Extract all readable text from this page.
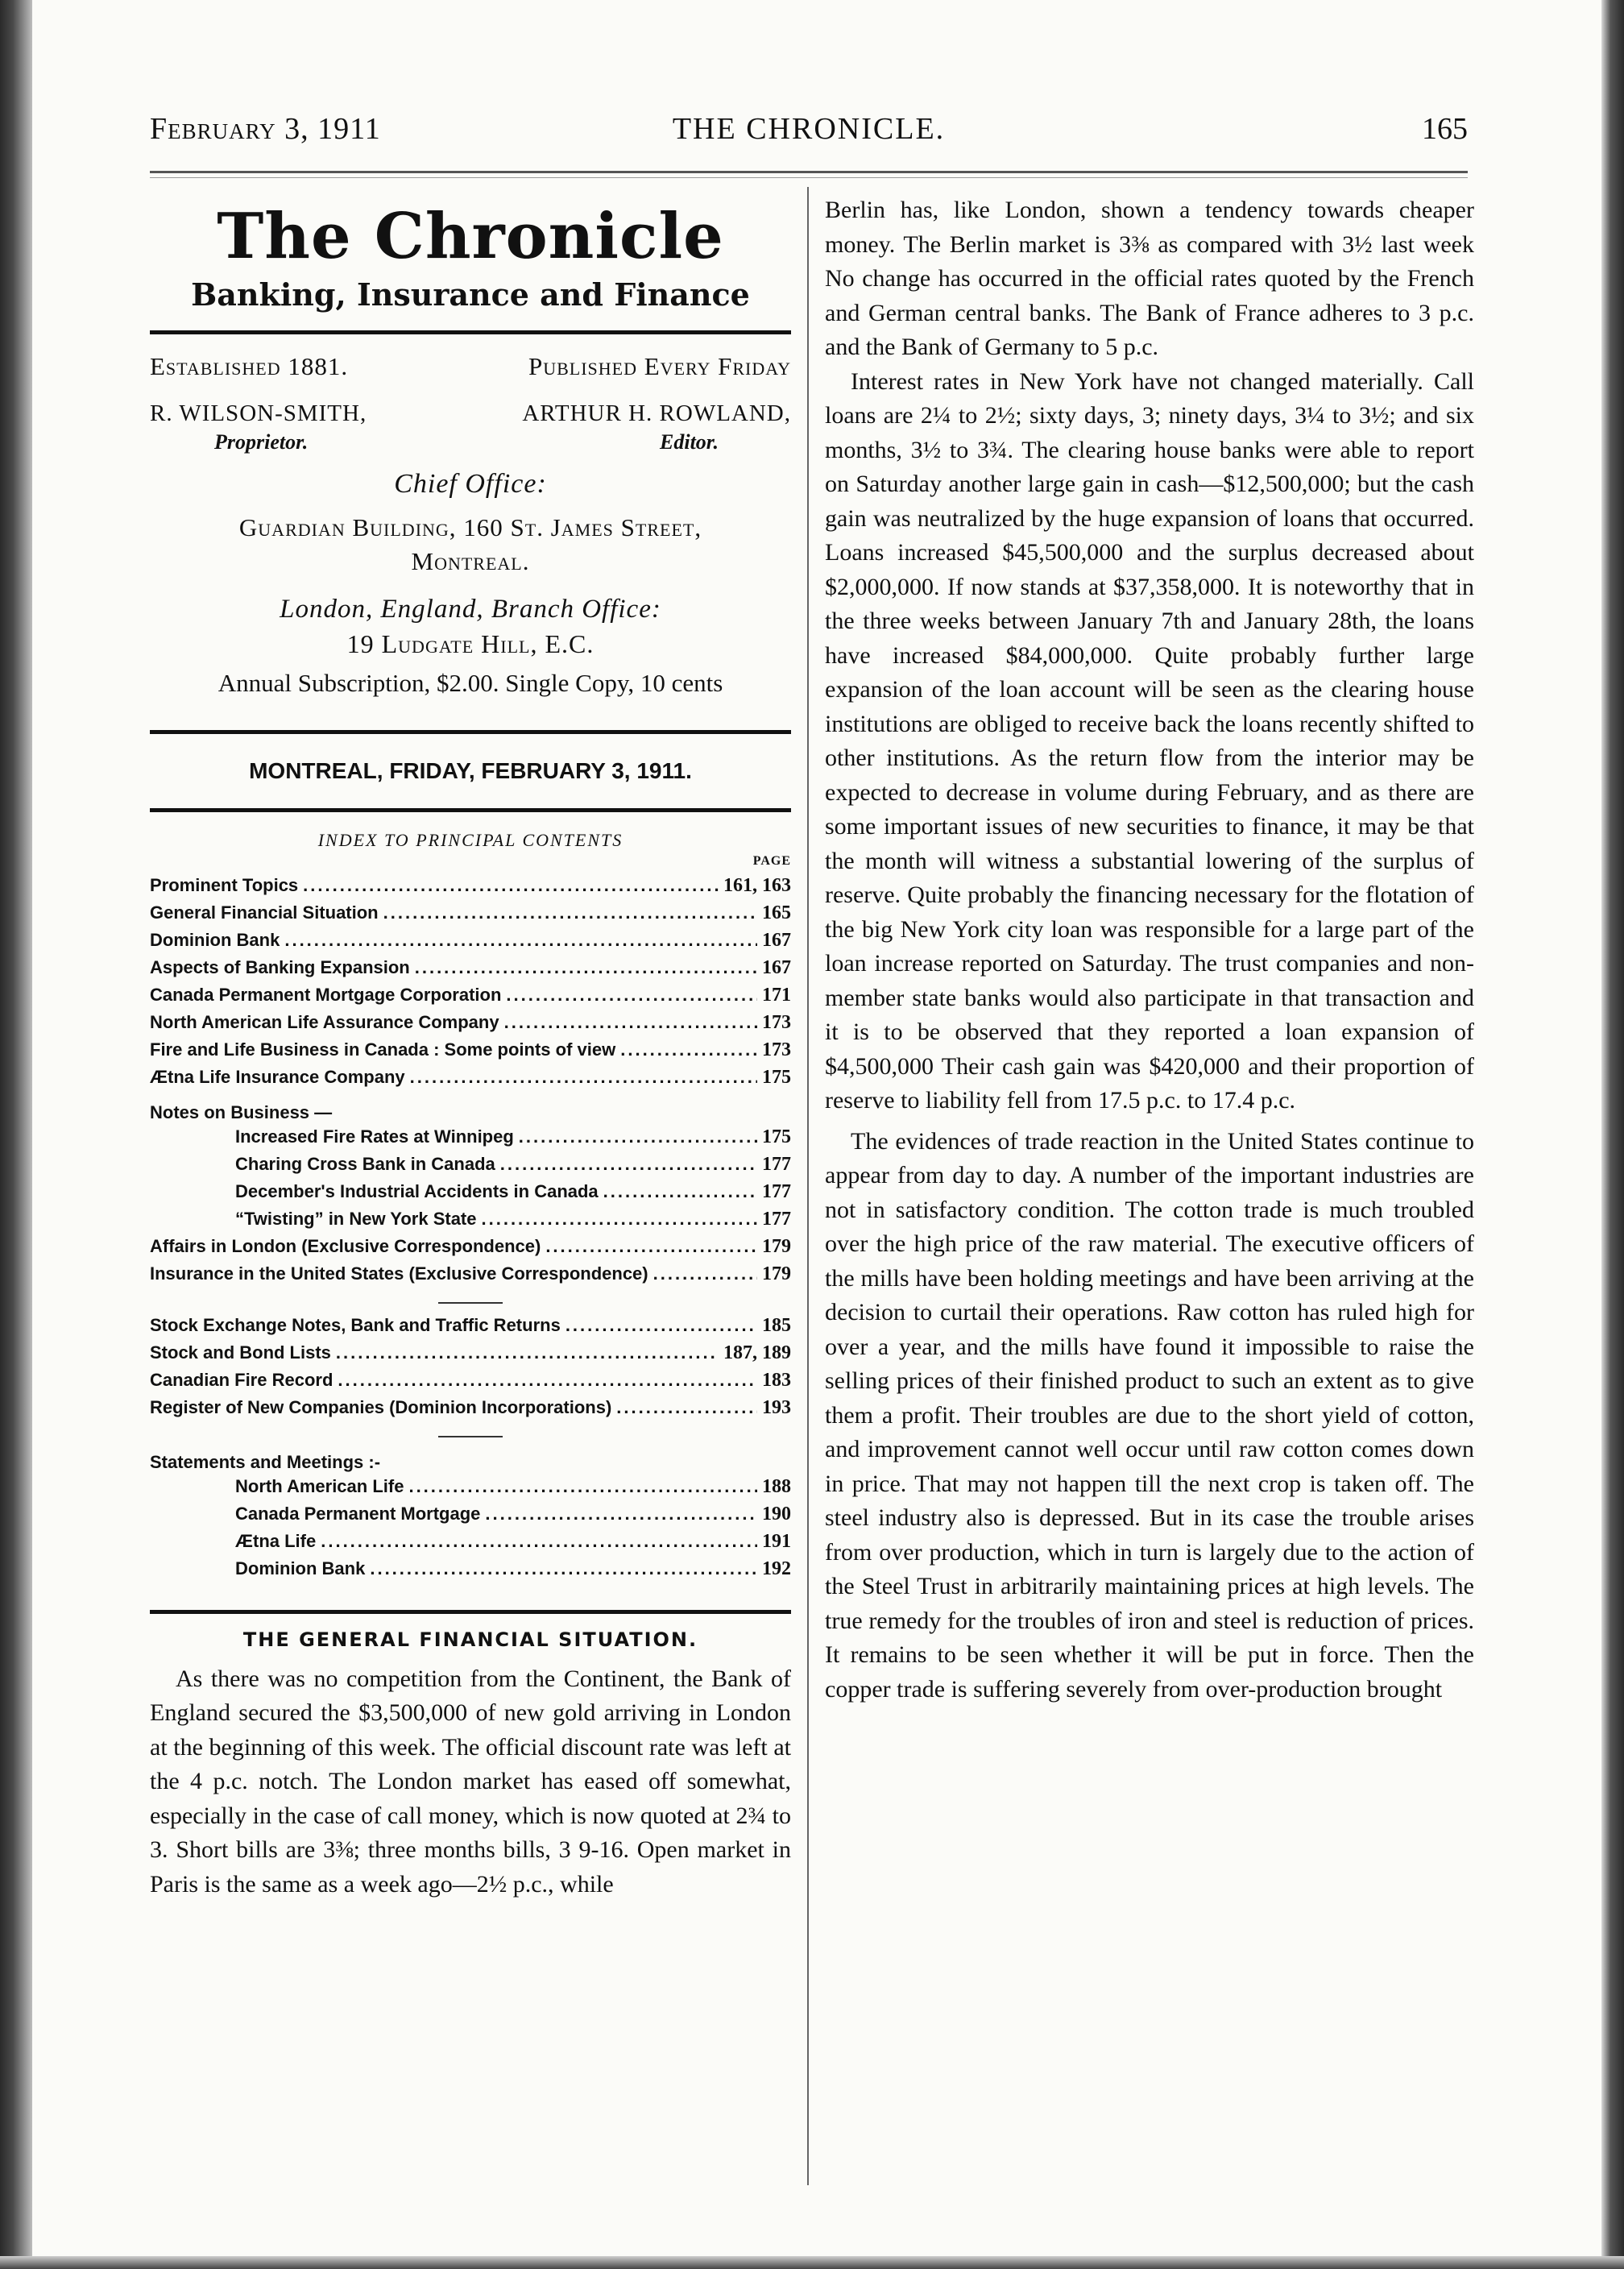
THE CHRONICLE.
February 3, 1911	165
The Chronicle
Banking, Insurance and Finance
Established 1881.	Published Every Friday
R. WILSON-SMITH,	ARTHUR H. ROWLAND,
Proprietor.	Editor.
Chief Office:
Guardian Building, 160 St. James Street,
Montreal.
London, England, Branch Office:
19 Ludgate Hill, E.C.
Annual Subscription, $2.00. Single Copy, 10 cents
MONTREAL, FRIDAY, FEBRUARY 3, 1911.
INDEX TO PRINCIPAL CONTENTS
PAGE
Prominent Topics .....	161, 163
General Financial Situation .....	165
Dominion Bank .....	167
Aspects of Banking Expansion .....	167
Canada Permanent Mortgage Corporation .....	171
North American Life Assurance Company .....	173
Fire and Life Business in Canada : Some points of view .....	173
Ætna Life Insurance Company .....	175
Notes on Business —
Increased Fire Rates at Winnipeg .....	175
Charing Cross Bank in Canada .....	177
December's Industrial Accidents in Canada .....	177
“Twisting” in New York State .....	177
Affairs in London (Exclusive Correspondence) .....	179
Insurance in the United States (Exclusive Correspondence) .....	179
Stock Exchange Notes, Bank and Traffic Returns .....	185
Stock and Bond Lists .....	187, 189
Canadian Fire Record .....	183
Register of New Companies (Dominion Incorporations) .....	193
Statements and Meetings :-
North American Life .....	188
Canada Permanent Mortgage .....	190
Ætna Life .....	191
Dominion Bank .....	192
THE GENERAL FINANCIAL SITUATION.

As there was no competition from the Continent, the Bank of England secured the $3,500,000 of new gold arriving in London at the beginning of this week. The official discount rate was left at the 4 p.c. notch. The London market has eased off somewhat, especially in the case of call money, which is now quoted at 2¾ to 3. Short bills are 3⅜; three months bills, 3 9-16. Open market in Paris is the same as a week ago—2½ p.c., while

Berlin has, like London, shown a tendency towards cheaper money. The Berlin market is 3⅜ as compared with 3½ last week No change has occurred in the official rates quoted by the French and German central banks. The Bank of France adheres to 3 p.c. and the Bank of Germany to 5 p.c.

Interest rates in New York have not changed materially. Call loans are 2¼ to 2½; sixty days, 3; ninety days, 3¼ to 3½; and six months, 3½ to 3¾. The clearing house banks were able to report on Saturday another large gain in cash—$12,500,000; but the cash gain was neutralized by the huge expansion of loans that occurred. Loans increased $45,500,000 and the surplus decreased about $2,000,000. If now stands at $37,358,000. It is noteworthy that in the three weeks between January 7th and January 28th, the loans have increased $84,000,000. Quite probably further large expansion of the loan account will be seen as the clearing house institutions are obliged to receive back the loans recently shifted to other institutions. As the return flow from the interior may be expected to decrease in volume during February, and as there are some important issues of new securities to finance, it may be that the month will witness a substantial lowering of the surplus of reserve. Quite probably the financing necessary for the flotation of the big New York city loan was responsible for a large part of the loan increase reported on Saturday. The trust companies and non-member state banks would also participate in that transaction and it is to be observed that they reported a loan expansion of $4,500,000 Their cash gain was $420,000 and their proportion of reserve to liability fell from 17.5 p.c. to 17.4 p.c.

The evidences of trade reaction in the United States continue to appear from day to day. A number of the important industries are not in satisfactory condition. The cotton trade is much troubled over the high price of the raw material. The executive officers of the mills have been holding meetings and have been arriving at the decision to curtail their operations. Raw cotton has ruled high for over a year, and the mills have found it impossible to raise the selling prices of their finished product to such an extent as to give them a profit. Their troubles are due to the short yield of cotton, and improvement cannot well occur until raw cotton comes down in price. That may not happen till the next crop is taken off. The steel industry also is depressed. But in its case the trouble arises from over production, which in turn is largely due to the action of the Steel Trust in arbitrarily maintaining prices at high levels. The true remedy for the troubles of iron and steel is reduction of prices. It remains to be seen whether it will be put in force. Then the copper trade is suffering severely from over-production brought
